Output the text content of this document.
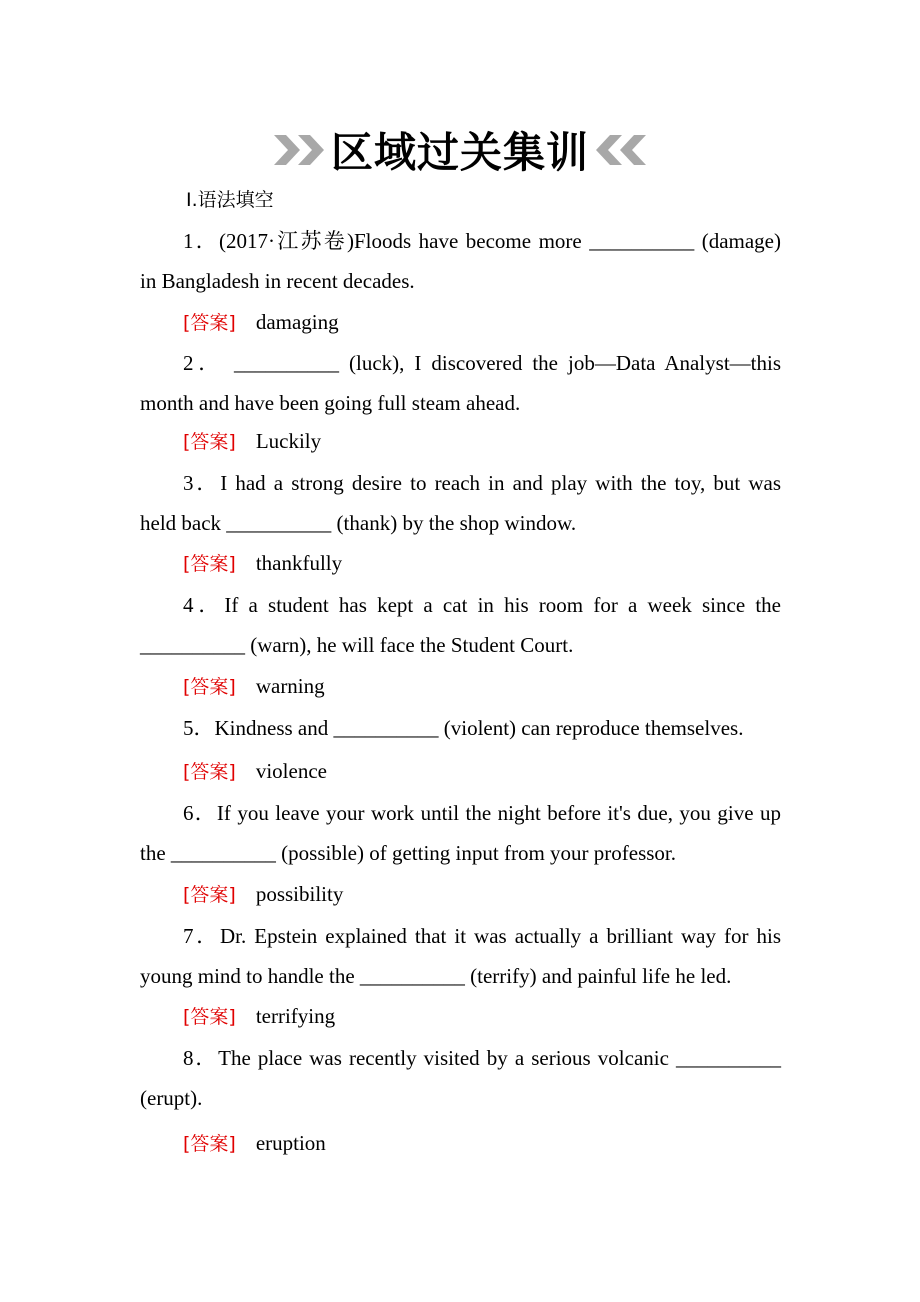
区域过关集训
Ⅰ.语法填空
1．(2017·江苏卷)Floods have become more __________ (damage)
in Bangladesh in recent decades.
[答案] damaging
2． __________ (luck), I discovered the job—Data Analyst—this
month and have been going full steam ahead.
[答案] Luckily
3．I had a strong desire to reach in and play with the toy, but was
held back __________ (thank) by the shop window.
[答案] thankfully
4．If a student has kept a cat in his room for a week since the
__________ (warn), he will face the Student Court.
[答案] warning
5．Kindness and __________ (violent) can reproduce themselves.
[答案] violence
6．If you leave your work until the night before it's due, you give up
the __________ (possible) of getting input from your professor.
[答案] possibility
7．Dr. Epstein explained that it was actually a brilliant way for his
young mind to handle the __________ (terrify) and painful life he led.
[答案] terrifying
8．The place was recently visited by a serious volcanic __________
(erupt).
[答案] eruption
